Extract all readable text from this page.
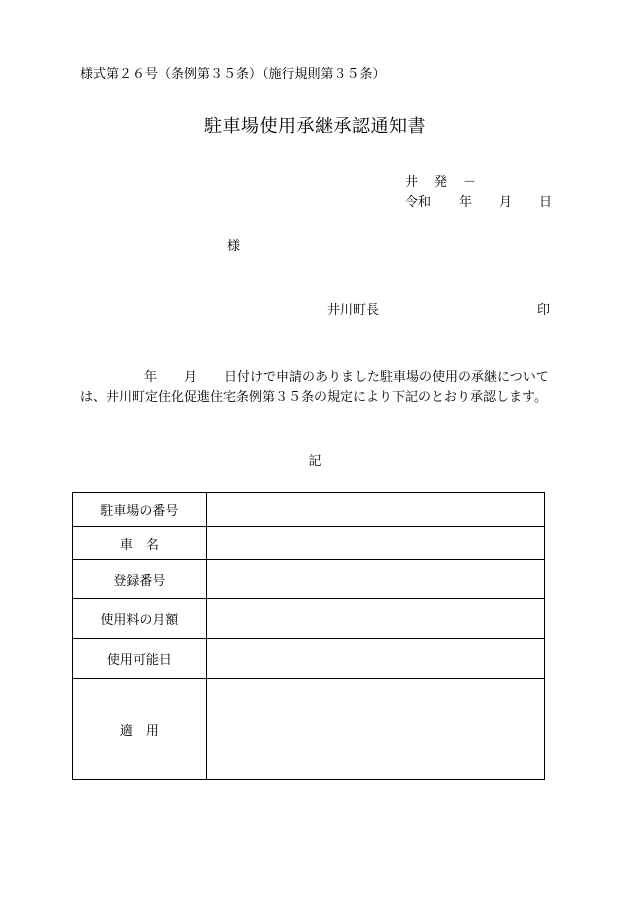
様式第２６号（条例第３５条）（施行規則第３５条）
駐車場使用承継承認通知書
井 発 －
令和 年 月 日
様
井川町長	印
年 月 日付けで申請のありました駐車場の使用の承継については、井川町定住化促進住宅条例第３５条の規定により下記のとおり承認します。
記
駐車場の番号	
車　名	
登録番号	
使用料の月額	
使用可能日	
適　用	
